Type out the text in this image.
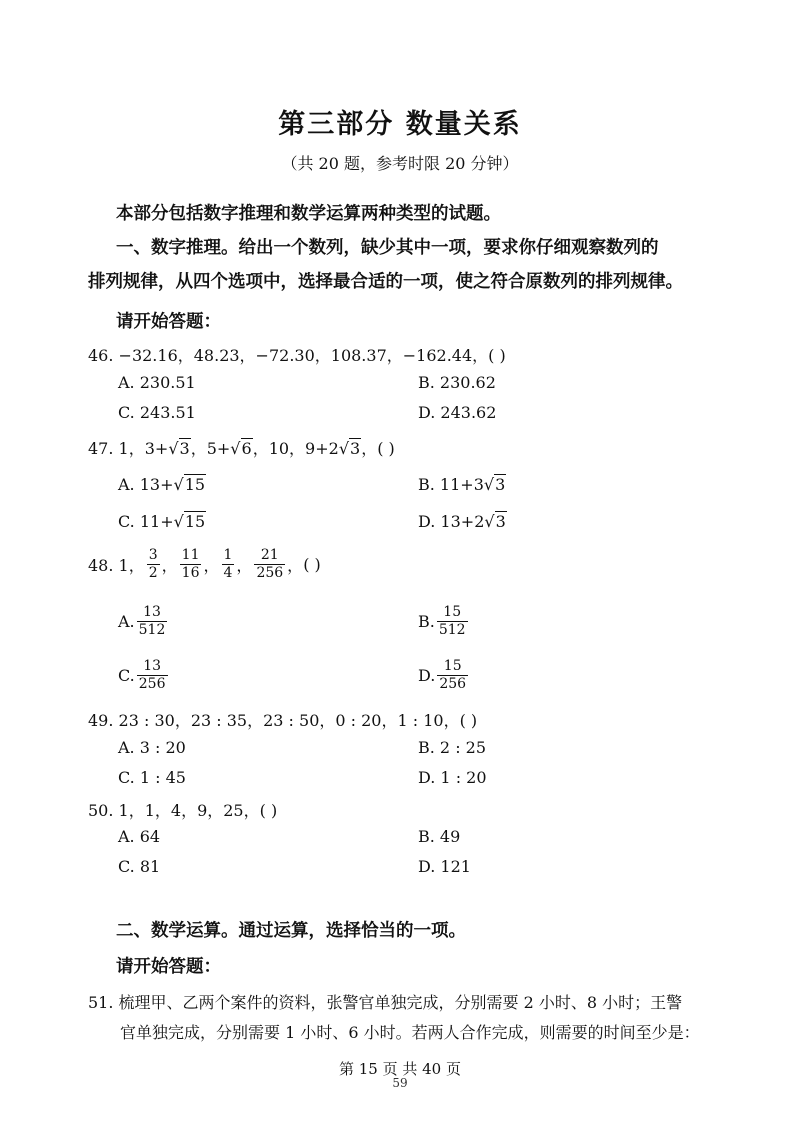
第三部分 数量关系
（共 20 题，参考时限 20 分钟）
本部分包括数字推理和数学运算两种类型的试题。
一、数字推理。给出一个数列，缺少其中一项，要求你仔细观察数列的
排列规律，从四个选项中，选择最合适的一项，使之符合原数列的排列规律。
请开始答题：
46. −32.16，48.23，−72.30，108.37，−162.44，( )
A. 230.51	B. 230.62
C. 243.51	D. 243.62
47. 1，3+√3，5+√6，10，9+2√3，( )
A. 13+√15	B. 11+3√3
C. 11+√15	D. 13+2√3
48. 1， $\frac{3}{2}$ ， $\frac{11}{16}$ ， $\frac{1}{4}$ ， $\frac{21}{256}$ ， ( )
A. $\frac{13}{512}$	B. $\frac{15}{512}$
C. $\frac{13}{256}$	D. $\frac{15}{256}$
49. 23 : 30，23 : 35，23 : 50，0 : 20，1 : 10，( )
A. 3 : 20	B. 2 : 25
C. 1 : 45	D. 1 : 20
50. 1，1，4，9，25，( )
A. 64	B. 49
C. 81	D. 121
二、数学运算。通过运算，选择恰当的一项。
请开始答题：
51. 梳理甲、乙两个案件的资料，张警官单独完成，分别需要 2 小时、8 小时；王警
官单独完成，分别需要 1 小时、6 小时。若两人合作完成，则需要的时间至少是：
第 15 页 共 40 页
59
